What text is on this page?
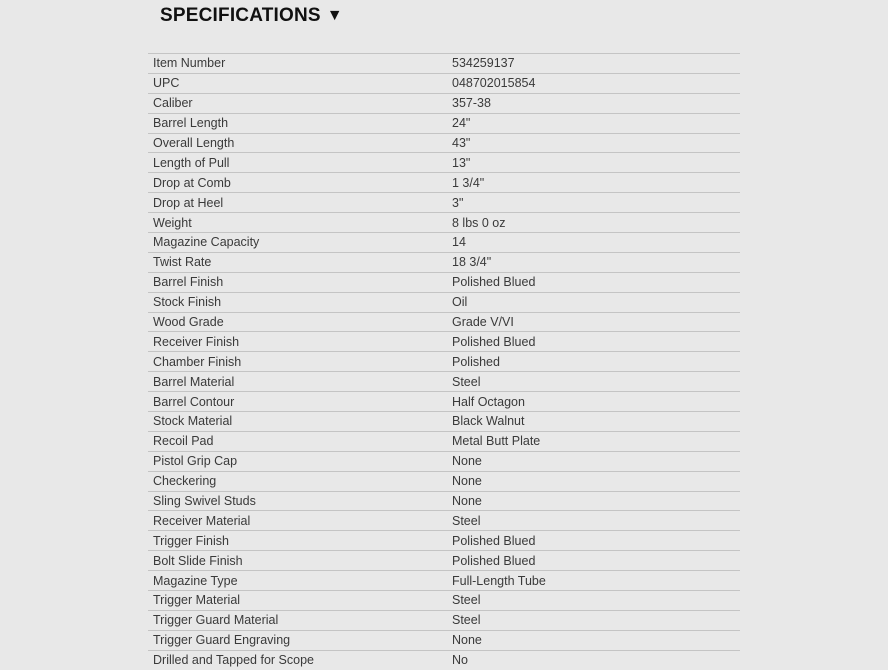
SPECIFICATIONS ▼
Item Number	534259137
UPC	048702015854
Caliber	357-38
Barrel Length	24"
Overall Length	43"
Length of Pull	13"
Drop at Comb	1 3/4"
Drop at Heel	3"
Weight	8 lbs 0 oz
Magazine Capacity	14
Twist Rate	18 3/4"
Barrel Finish	Polished Blued
Stock Finish	Oil
Wood Grade	Grade V/VI
Receiver Finish	Polished Blued
Chamber Finish	Polished
Barrel Material	Steel
Barrel Contour	Half Octagon
Stock Material	Black Walnut
Recoil Pad	Metal Butt Plate
Pistol Grip Cap	None
Checkering	None
Sling Swivel Studs	None
Receiver Material	Steel
Trigger Finish	Polished Blued
Bolt Slide Finish	Polished Blued
Magazine Type	Full-Length Tube
Trigger Material	Steel
Trigger Guard Material	Steel
Trigger Guard Engraving	None
Drilled and Tapped for Scope	No
